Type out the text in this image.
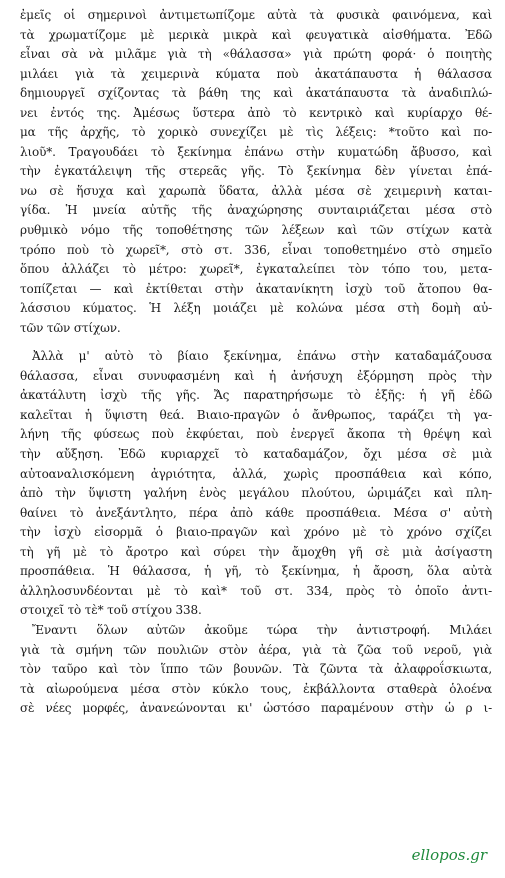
ἐμεῖς οἱ σημερινοὶ ἀντιμετωπίζομε αὐτὰ τὰ φυσικὰ φαινόμενα, καὶ
τὰ χρωματίζομε μὲ μερικὰ μικρὰ καὶ φευγατικὰ αἰσθήματα. Ἐδῶ
εἶναι σὰ νὰ μιλᾶμε γιὰ τὴ «θάλασσα» γιὰ πρώτη φορά· ὁ ποιητὴς
μιλάει γιὰ τὰ χειμερινὰ κύματα ποὺ ἀκατάπαυστα ἡ θάλασσα
δημιουργεῖ σχίζοντας τὰ βάθη της καὶ ἀκατάπαυστα τὰ ἀναδιπλώ-
νει ἐντός της. Ἀμέσως ὕστερα ἀπὸ τὸ κεντρικὸ καὶ κυρίαρχο θέ-
μα τῆς ἀρχῆς, τὸ χορικὸ συνεχίζει μὲ τὶς λέξεις: *τοῦτο καὶ πο-
λιοῦ*. Τραγουδάει τὸ ξεκίνημα ἐπάνω στὴν κυματώδη ἄβυσσο, καὶ
τὴν ἐγκατάλειψη τῆς στερεᾶς γῆς. Τὸ ξεκίνημα δὲν γίνεται ἐπά-
νω σὲ ἥσυχα καὶ χαρωπὰ ὕδατα, ἀλλὰ μέσα σὲ χειμερινὴ καται-
γίδα. Ἡ μνεία αὐτῆς τῆς ἀναχώρησης συνταιριάζεται μέσα στὸ
ρυθμικὸ νόμο τῆς τοποθέτησης τῶν λέξεων καὶ τῶν στίχων κατὰ
τρόπο ποὺ τὸ χωρεῖ*, στὸ στ. 336, εἶναι τοποθετημένο στὸ σημεῖο
ὅπου ἀλλάζει τὸ μέτρο: χωρεῖ*, ἐγκαταλείπει τὸν τόπο του, μετα-
τοπίζεται — καὶ ἐκτίθεται στὴν ἀκατανίκητη ἰσχὺ τοῦ ἄτοπου θα-
λάσσιου κύματος. Ἡ λέξη μοιάζει μὲ κολώνα μέσα στὴ δομὴ αὐ-
τῶν τῶν στίχων.
Ἀλλὰ μ' αὐτὸ τὸ βίαιο ξεκίνημα, ἐπάνω στὴν καταδαμάζουσα
θάλασσα, εἶναι συνυφασμένη καὶ ἡ ἀνήσυχη ἐξόρμηση πρὸς τὴν
ἀκατάλυτη ἰσχὺ τῆς γῆς. Ἄς παρατηρήσωμε τὸ ἑξῆς: ἡ γῆ ἐδῶ
καλεῖται ἡ ὕψιστη θεά. Βιαιο-πραγῶν ὁ ἄνθρωπος, ταράζει τὴ γα-
λήνη τῆς φύσεως ποὺ ἐκφύεται, ποὺ ἐνεργεῖ ἄκοπα τὴ θρέψη καὶ
τὴν αὔξηση. Ἐδῶ κυριαρχεῖ τὸ καταδαμάζον, ὄχι μέσα σὲ μιὰ
αὐτοαναλισκόμενη ἀγριότητα, ἀλλά, χωρὶς προσπάθεια καὶ κόπο,
ἀπὸ τὴν ὕψιστη γαλήνη ἑνὸς μεγάλου πλούτου, ὡριμάζει καὶ πλη-
θαίνει τὸ ἀνεξάντλητο, πέρα ἀπὸ κάθε προσπάθεια. Μέσα σ' αὐτὴ
τὴν ἰσχὺ εἰσορμᾶ ὁ βιαιο-πραγῶν καὶ χρόνο μὲ τὸ χρόνο σχίζει
τὴ γῆ μὲ τὸ ἄροτρο καὶ σύρει τὴν ἄμοχθη γῆ σὲ μιὰ ἀσίγαστη
προσπάθεια. Ἡ θάλασσα, ἡ γῆ, τὸ ξεκίνημα, ἡ ἄροση, ὅλα αὐτὰ
ἀλληλοσυνδέονται μὲ τὸ καὶ* τοῦ στ. 334, πρὸς τὸ ὁποῖο ἀντι-
στοιχεῖ τὸ τὲ* τοῦ στίχου 338.
Ἔναντι ὅλων αὐτῶν ἀκοῦμε τώρα τὴν ἀντιστροφή. Μιλάει
γιὰ τὰ σμήνη τῶν πουλιῶν στὸν ἀέρα, γιὰ τὰ ζῶα τοῦ νεροῦ, γιὰ
τὸν ταῦρο καὶ τὸν ἵππο τῶν βουνῶν. Τὰ ζῶντα τὰ ἀλαφροΐσκιωτα,
τὰ αἰωρούμενα μέσα στὸν κύκλο τους, ἐκβάλλοντα σταθερὰ ὁλοένα
σὲ νέες μορφές, ἀνανεώνονται κι' ὡστόσο παραμένουν στὴν ὡ ρ ι-
ellopos.gr
